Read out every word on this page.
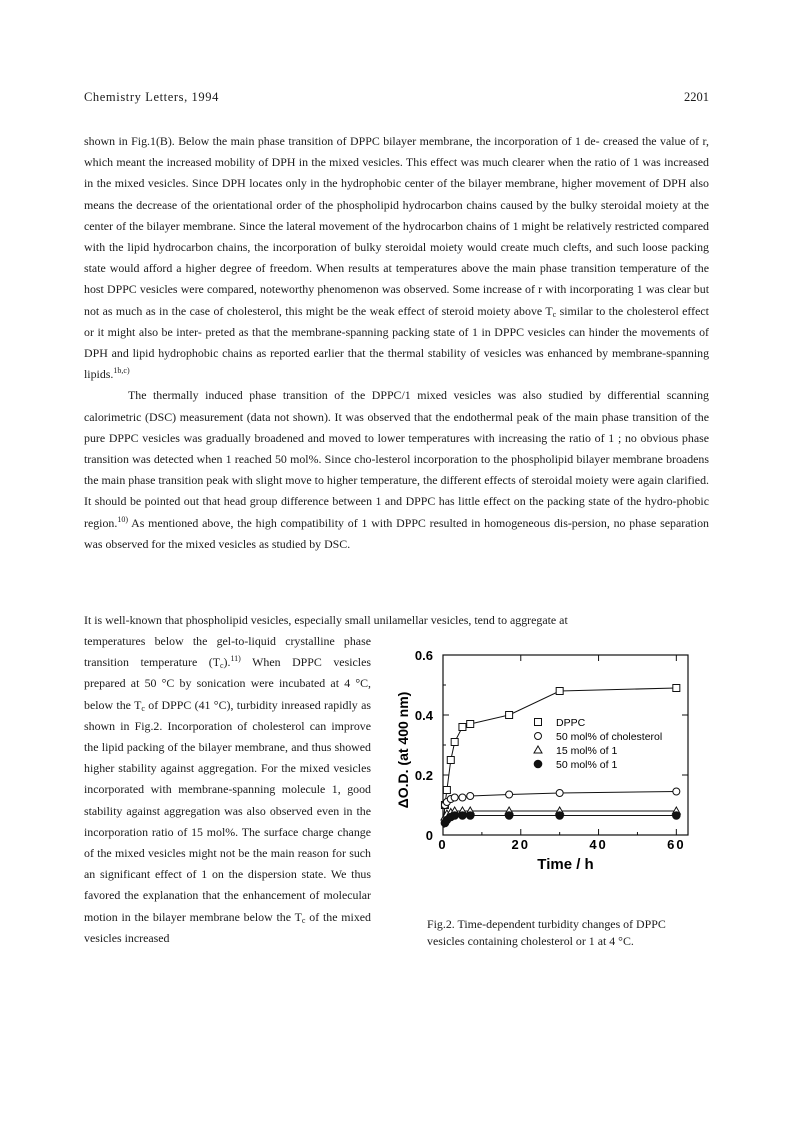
Chemistry Letters, 1994	2201

shown in Fig.1(B). Below the main phase transition of DPPC bilayer membrane, the incorporation of 1 de- creased the value of r, which meant the increased mobility of DPH in the mixed vesicles. This effect was much clearer when the ratio of 1 was increased in the mixed vesicles. Since DPH locates only in the hydrophobic center of the bilayer membrane, higher movement of DPH also means the decrease of the orientational order of the phospholipid hydrocarbon chains caused by the bulky steroidal moiety at the center of the bilayer membrane. Since the lateral movement of the hydrocarbon chains of 1 might be relatively restricted compared with the lipid hydrocarbon chains, the incorporation of bulky steroidal moiety would create much clefts, and such loose packing state would afford a higher degree of freedom. When results at temperatures above the main phase transition temperature of the host DPPC vesicles were compared, noteworthy phenomenon was observed. Some increase of r with incorporating 1 was clear but not as much as in the case of cholesterol, this might be the weak effect of steroid moiety above $T_c$ similar to the cholesterol effect or it might also be inter- preted as that the membrane-spanning packing state of 1 in DPPC vesicles can hinder the movements of DPH and lipid hydrophobic chains as reported earlier that the thermal stability of vesicles was enhanced by membrane-spanning lipids.$^{1b,c)}$

The thermally induced phase transition of the DPPC/1 mixed vesicles was also studied by differential scanning calorimetric (DSC) measurement (data not shown). It was observed that the endothermal peak of the main phase transition of the pure DPPC vesicles was gradually broadened and moved to lower temperatures with increasing the ratio of 1 ; no obvious phase transition was detected when 1 reached 50 mol%. Since cho-lesterol incorporation to the phospholipid bilayer membrane broadens the main phase transition peak with slight move to higher temperature, the different effects of steroidal moiety were again clarified. It should be pointed out that head group difference between 1 and DPPC has little effect on the packing state of the hydro-phobic region.$^{10)}$ As mentioned above, the high compatibility of 1 with DPPC resulted in homogeneous dis-persion, no phase separation was observed for the mixed vesicles as studied by DSC.

It is well-known that phospholipid vesicles, especially small unilamellar vesicles, tend to aggregate at
temperatures below the gel-to-liquid crystalline phase transition temperature $(T_c).^{11)}$ When DPPC vesicles prepared at 50 °C by sonication were incubated at 4 °C, below the $T_c$ of DPPC (41 °C), turbidity inreased rapidly as shown in Fig.2. Incorporation of cholesterol can improve the lipid packing of the bilayer membrane, and thus showed higher stability against aggregation. For the mixed vesicles incorporated with membrane-spanning molecule 1, good stability against aggregation was also observed even in the incorporation ratio of 15 mol%. The surface charge change of the mixed vesicles might not be the main reason for such an significant effect of 1 on the dispersion state. We thus favored the explanation that the enhancement of molecular motion in the bilayer membrane below the $T_c$ of the mixed vesicles increased
0
0.2
0.4
0.6
0	20	40	60
Time / h
ΔO.D. (at 400 nm)	DPPC
50 mol% of cholesterol
15 mol% of 1
50 mol% of 1
Fig.2. Time-dependent turbidity changes of DPPC vesicles containing cholesterol or 1 at 4 °C.
